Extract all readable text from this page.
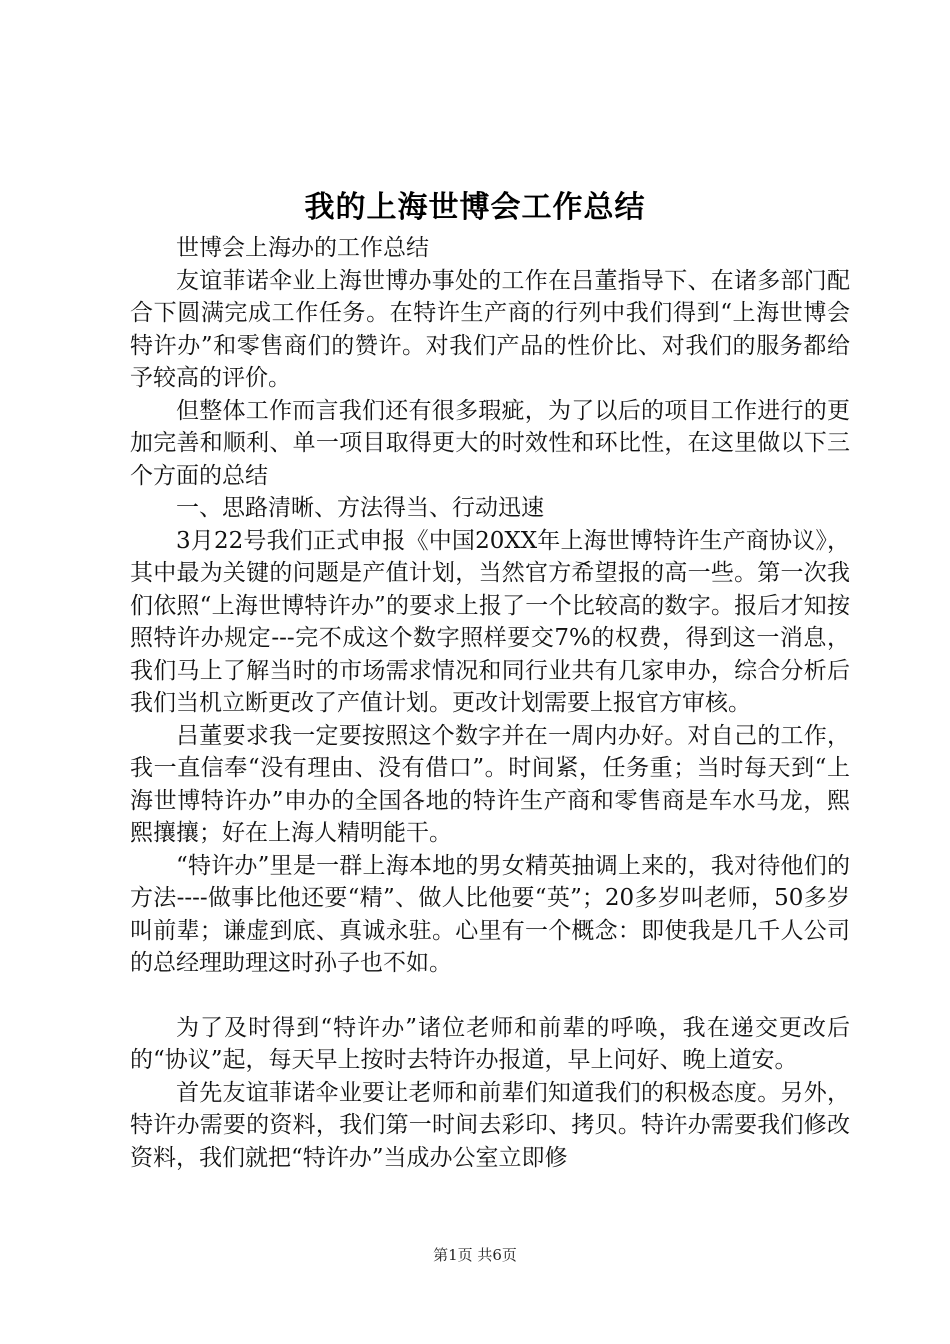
我的上海世博会工作总结

世博会上海办的工作总结

友谊菲诺伞业上海世博办事处的工作在吕董指导下、在诸多部门配合下圆满完成工作任务。在特许生产商的行列中我们得到“上海世博会特许办”和零售商们的赞许。对我们产品的性价比、对我们的服务都给予较高的评价。

但整体工作而言我们还有很多瑕疵，为了以后的项目工作进行的更加完善和顺利、单一项目取得更大的时效性和环比性，在这里做以下三个方面的总结

一、思路清晰、方法得当、行动迅速

3月22号我们正式申报《中国20XX年上海世博特许生产商协议》，其中最为关键的问题是产值计划，当然官方希望报的高一些。第一次我们依照“上海世博特许办”的要求上报了一个比较高的数字。报后才知按照特许办规定---完不成这个数字照样要交7%的权费，得到这一消息，我们马上了解当时的市场需求情况和同行业共有几家申办，综合分析后我们当机立断更改了产值计划。更改计划需要上报官方审核。

吕董要求我一定要按照这个数字并在一周内办好。对自己的工作，我一直信奉“没有理由、没有借口”。时间紧，任务重；当时每天到“上海世博特许办”申办的全国各地的特许生产商和零售商是车水马龙，熙熙攘攘；好在上海人精明能干。

“特许办”里是一群上海本地的男女精英抽调上来的，我对待他们的方法----做事比他还要“精”、做人比他要“英”；20多岁叫老师，50多岁叫前辈；谦虚到底、真诚永驻。心里有一个概念：即使我是几千人公司的总经理助理这时孙子也不如。

为了及时得到“特许办”诸位老师和前辈的呼唤，我在递交更改后的“协议”起，每天早上按时去特许办报道，早上问好、晚上道安。

首先友谊菲诺伞业要让老师和前辈们知道我们的积极态度。另外，特许办需要的资料，我们第一时间去彩印、拷贝。特许办需要我们修改资料，我们就把“特许办”当成办公室立即修

第1页 共6页
